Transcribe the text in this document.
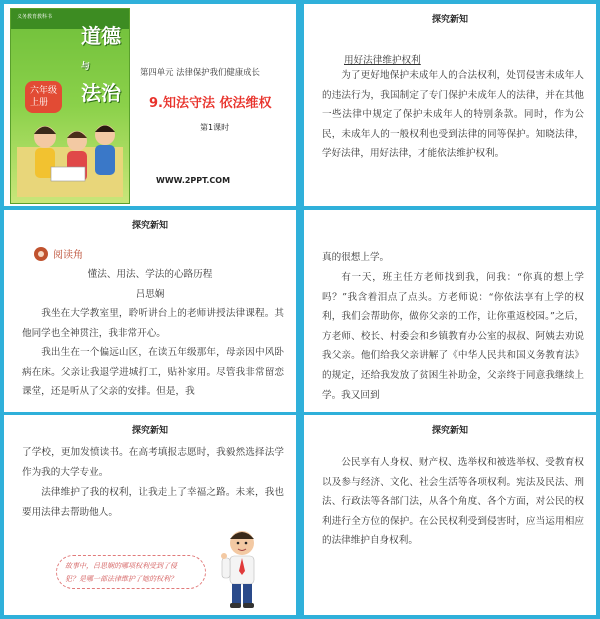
义务教育教科书
道德
与
法治
六年级
上册
第四单元 法律保护我们健康成长
9.知法守法 依法维权
第1课时
WWW.2PPT.COM
探究新知
用好法律维护权利

为了更好地保护未成年人的合法权利，处罚侵害未成年人的违法行为，我国制定了专门保护未成年人的法律，并在其他一些法律中规定了保护未成年人的特别条款。同时，作为公民，未成年人的一般权利也受到法律的同等保护。知晓法律，学好法律，用好法律，才能依法维护权利。

探究新知
阅读角
懂法、用法、学法的心路历程
吕思娴

我坐在大学教室里，聆听讲台上的老师讲授法律课程。其他同学也全神贯注，我非常开心。

我出生在一个偏远山区，在读五年级那年，母亲因中风卧病在床。父亲让我退学进城打工，贴补家用。尽管我非常留恋课堂，还是听从了父亲的安排。但是，我

真的很想上学。

有一天，班主任方老师找到我，问我：“你真的想上学吗？”我含着泪点了点头。方老师说：“你依法享有上学的权利，我们会帮助你，做你父亲的工作，让你重返校园。”之后，方老师、校长、村委会和乡镇教育办公室的叔叔、阿姨去劝说我父亲。他们给我父亲讲解了《中华人民共和国义务教育法》的规定，还给我发放了贫困生补助金，父亲终于同意我继续上学。我又回到

探究新知

了学校，更加发愤读书。在高考填报志愿时，我毅然选择法学作为我的大学专业。

法律维护了我的权利，让我走上了幸福之路。未来，我也要用法律去帮助他人。

故事中，吕思娴的哪项权利受到了侵
犯？是哪一部法律维护了她的权利？
探究新知

公民享有人身权、财产权、选举权和被选举权、受教育权以及参与经济、文化、社会生活等各项权利。宪法及民法、刑法、行政法等各部门法，从各个角度、各个方面，对公民的权利进行全方位的保护。在公民权利受到侵害时，应当运用相应的法律维护自身权利。
